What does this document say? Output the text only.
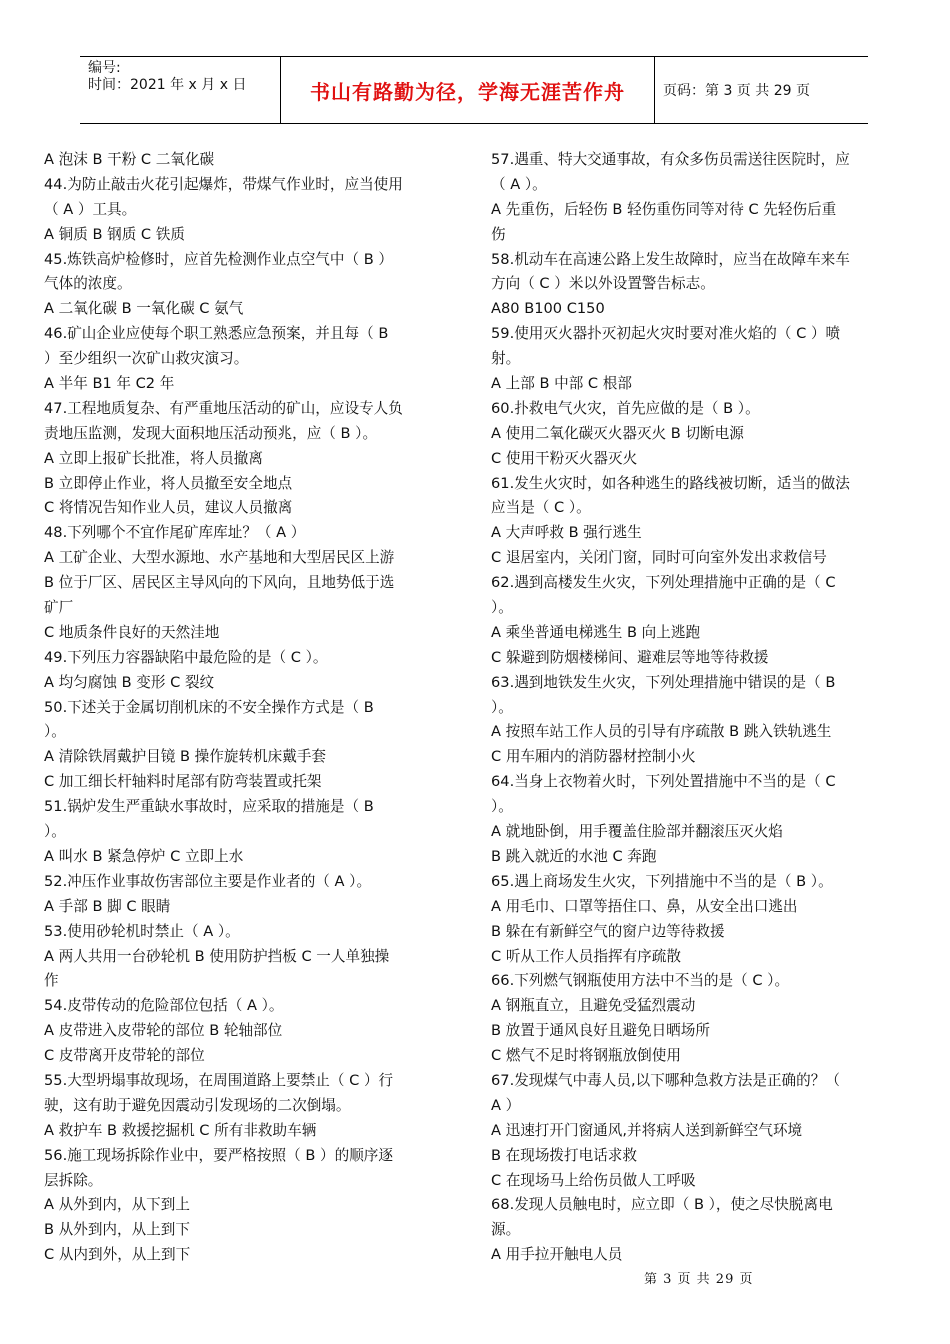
编号:
时间：2021 年 x 月 x 日	书山有路勤为径，学海无涯苦作舟	页码：第 3 页 共 29 页
A 泡沫 B 干粉 C 二氧化碳
44.为防止敲击火花引起爆炸，带煤气作业时，应当使用
（ A ）工具。
A 铜质 B 钢质 C 铁质
45.炼铁高炉检修时，应首先检测作业点空气中（ B ）
气体的浓度。
A 二氧化碳 B 一氧化碳 C 氨气
46.矿山企业应使每个职工熟悉应急预案，并且每（ B
）至少组织一次矿山救灾演习。
A 半年 B1 年 C2 年
47.工程地质复杂、有严重地压活动的矿山，应设专人负
责地压监测，发现大面积地压活动预兆，应（ B ）。
A 立即上报矿长批准，将人员撤离
B 立即停止作业，将人员撤至安全地点
C 将情况告知作业人员，建议人员撤离
48.下列哪个不宜作尾矿库库址？（ A ）
A 工矿企业、大型水源地、水产基地和大型居民区上游
B 位于厂区、居民区主导风向的下风向，且地势低于选
矿厂
C 地质条件良好的天然洼地
49.下列压力容器缺陷中最危险的是（ C ）。
A 均匀腐蚀 B 变形 C 裂纹
50.下述关于金属切削机床的不安全操作方式是（ B
）。
A 清除铁屑戴护目镜 B 操作旋转机床戴手套
C 加工细长杆轴料时尾部有防弯装置或托架
51.锅炉发生严重缺水事故时，应采取的措施是（ B
）。
A 叫水 B 紧急停炉 C 立即上水
52.冲压作业事故伤害部位主要是作业者的（ A ）。
A 手部 B 脚 C 眼睛
53.使用砂轮机时禁止（ A ）。
A 两人共用一台砂轮机 B 使用防护挡板 C 一人单独操
作
54.皮带传动的危险部位包括（ A ）。
A 皮带进入皮带轮的部位 B 轮轴部位
C 皮带离开皮带轮的部位
55.大型坍塌事故现场，在周围道路上要禁止（ C ）行
驶，这有助于避免因震动引发现场的二次倒塌。
A 救护车 B 救援挖掘机 C 所有非救助车辆
56.施工现场拆除作业中，要严格按照（ B ）的顺序逐
层拆除。
A 从外到内，从下到上
B 从外到内，从上到下
C 从内到外，从上到下
57.遇重、特大交通事故，有众多伤员需送往医院时，应
（ A ）。
A 先重伤，后轻伤 B 轻伤重伤同等对待 C 先轻伤后重
伤
58.机动车在高速公路上发生故障时，应当在故障车来车
方向（ C ）米以外设置警告标志。
A80 B100 C150
59.使用灭火器扑灭初起火灾时要对准火焰的（ C ）喷
射。
A 上部 B 中部 C 根部
60.扑救电气火灾，首先应做的是（ B ）。
A 使用二氧化碳灭火器灭火 B 切断电源
C 使用干粉灭火器灭火
61.发生火灾时，如各种逃生的路线被切断，适当的做法
应当是（ C ）。
A 大声呼救 B 强行逃生
C 退居室内，关闭门窗，同时可向室外发出求救信号
62.遇到高楼发生火灾，下列处理措施中正确的是（ C
）。
A 乘坐普通电梯逃生 B 向上逃跑
C 躲避到防烟楼梯间、避难层等地等待救援
63.遇到地铁发生火灾，下列处理措施中错误的是（ B
）。
A 按照车站工作人员的引导有序疏散 B 跳入铁轨逃生
C 用车厢内的消防器材控制小火
64.当身上衣物着火时，下列处置措施中不当的是（ C
）。
A 就地卧倒，用手覆盖住脸部并翻滚压灭火焰
B 跳入就近的水池 C 奔跑
65.遇上商场发生火灾，下列措施中不当的是（ B ）。
A 用毛巾、口罩等捂住口、鼻，从安全出口逃出
B 躲在有新鲜空气的窗户边等待救援
C 听从工作人员指挥有序疏散
66.下列燃气钢瓶使用方法中不当的是（ C ）。
A 钢瓶直立，且避免受猛烈震动
B 放置于通风良好且避免日晒场所
C 燃气不足时将钢瓶放倒使用
67.发现煤气中毒人员,以下哪种急救方法是正确的？（
A ）
A 迅速打开门窗通风,并将病人送到新鲜空气环境
B 在现场拨打电话求救
C 在现场马上给伤员做人工呼吸
68.发现人员触电时，应立即（ B ），使之尽快脱离电
源。
A 用手拉开触电人员
第 3 页 共 29 页
